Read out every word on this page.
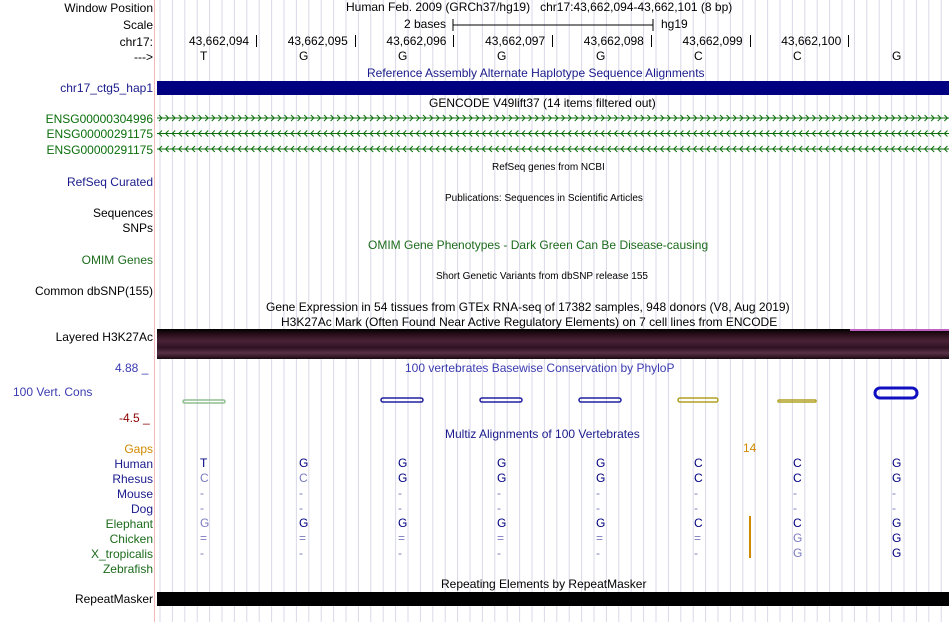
Window Position	Human Feb. 2009 (GRCh37/hg19)   chr17:43,662,094-43,662,101 (8 bp)
Scale	2 bases	hg19
chr17:	43,662,094	43,662,095	43,662,096	43,662,097	43,662,098	43,662,099	43,662,100
--->	T	G	G	G	G	C	C	G
Reference Assembly Alternate Haplotype Sequence Alignments
chr17_ctg5_hap1
GENCODE V49lift37 (14 items filtered out)
ENSG00000304996
ENSG00000291175
ENSG00000291175
RefSeq genes from NCBI
RefSeq Curated
Publications: Sequences in Scientific Articles
Sequences
SNPs
OMIM Gene Phenotypes - Dark Green Can Be Disease-causing
OMIM Genes
Short Genetic Variants from dbSNP release 155
Common dbSNP(155)
Gene Expression in 54 tissues from GTEx RNA-seq of 17382 samples, 948 donors (V8, Aug 2019)
H3K27Ac Mark (Often Found Near Active Regulatory Elements) on 7 cell lines from ENCODE
Layered H3K27Ac
100 vertebrates Basewise Conservation by PhyloP
4.88 _
100 Vert. Cons
-4.5 _
Multiz Alignments of 100 Vertebrates
Gaps	14
Human	T	G	G	G	G	C	C	G
Rhesus	C	C	G	G	G	C	C	G
Mouse	-	-	-	-	-	-	-	-
Dog	-	-	-	-	-	-	-	-
Elephant	G	G	G	G	G	C	C	G
Chicken	=	=	=	=	=	=	G	G
X_tropicalis	-	-	-	-	-	-	G	G
Zebrafish
Repeating Elements by RepeatMasker
RepeatMasker
